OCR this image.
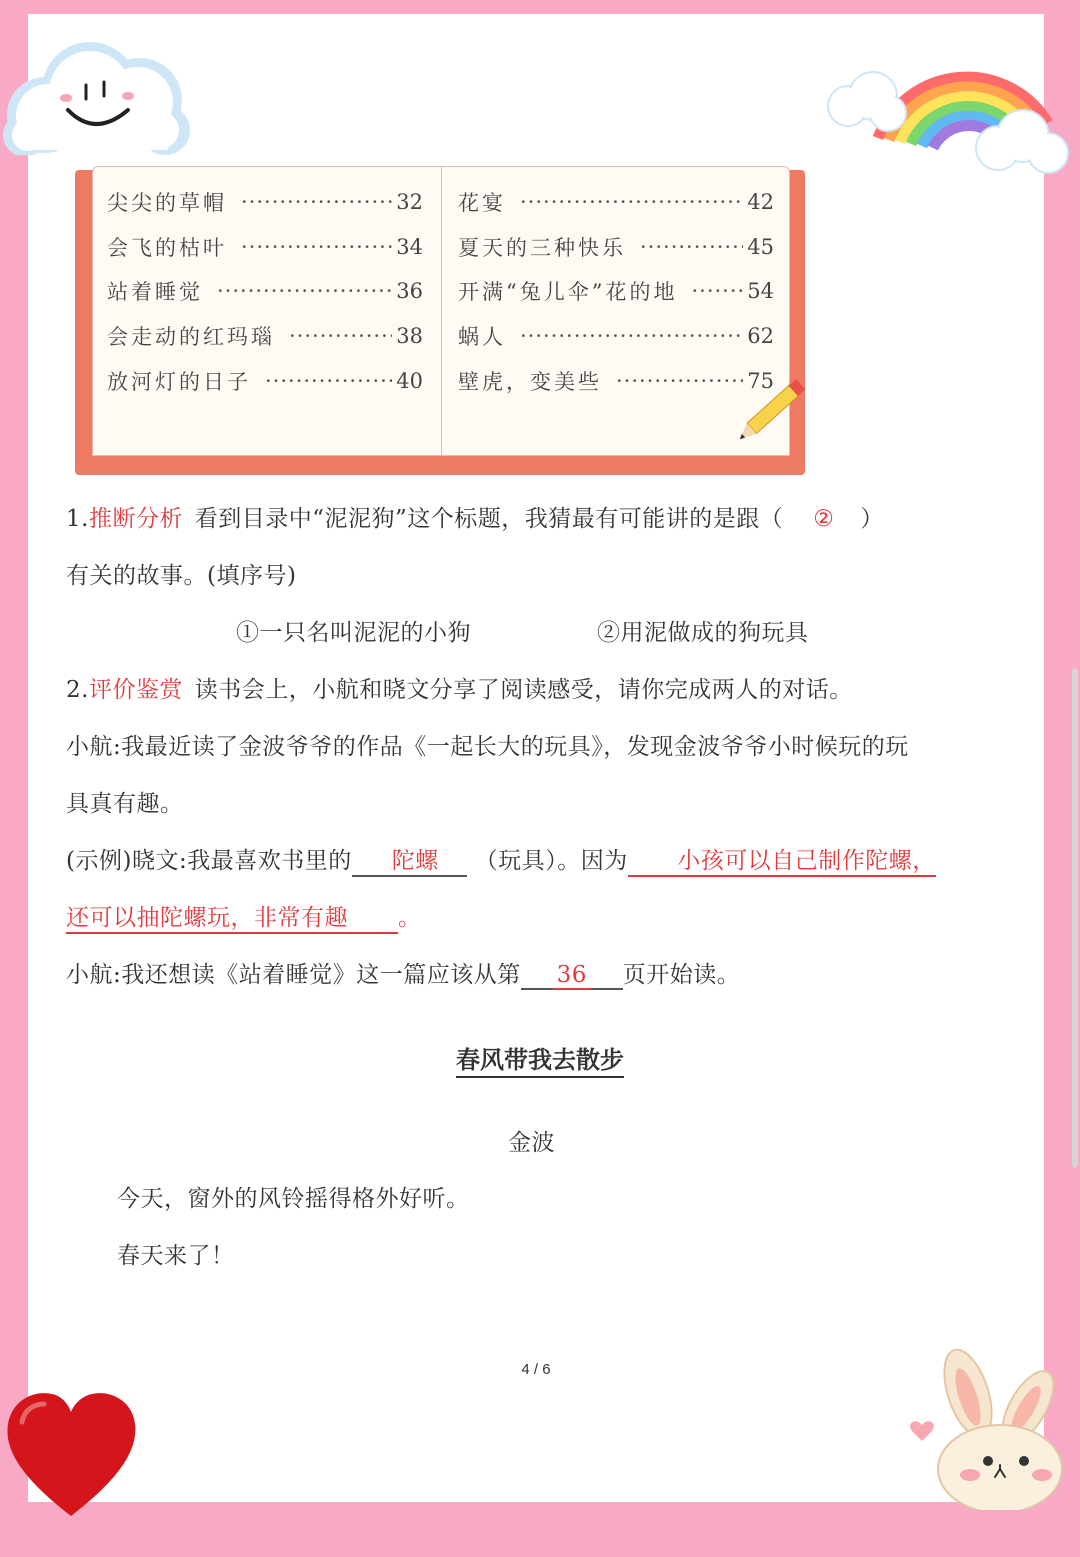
尖尖的草帽 ·····	32
会飞的枯叶 ·····	34
站着睡觉 ·····	36
会走动的红玛瑙 ·····	38
放河灯的日子 ·····	40
花宴 ·····	42
夏天的三种快乐 ·····	45
开满“兔儿伞”花的地 ·····	54
蜗人 ·····	62
壁虎，变美些 ·····	75
1.推断分析 看到目录中“泥泥狗”这个标题，我猜最有可能讲的是跟（ ② ）
有关的故事。(填序号)
①一只名叫泥泥的小狗	②用泥做成的狗玩具
2.评价鉴赏 读书会上，小航和晓文分享了阅读感受，请你完成两人的对话。
小航:我最近读了金波爷爷的作品《一起长大的玩具》，发现金波爷爷小时候玩的玩
具真有趣。
(示例)晓文:我最喜欢书里的 陀螺 （玩具）。因为 小孩可以自己制作陀螺，
还可以抽陀螺玩，非常有趣 。
小航:我还想读《站着睡觉》这一篇应该从第 36 页开始读。
春风带我去散步
金波
今天，窗外的风铃摇得格外好听。
春天来了！
4 / 6
